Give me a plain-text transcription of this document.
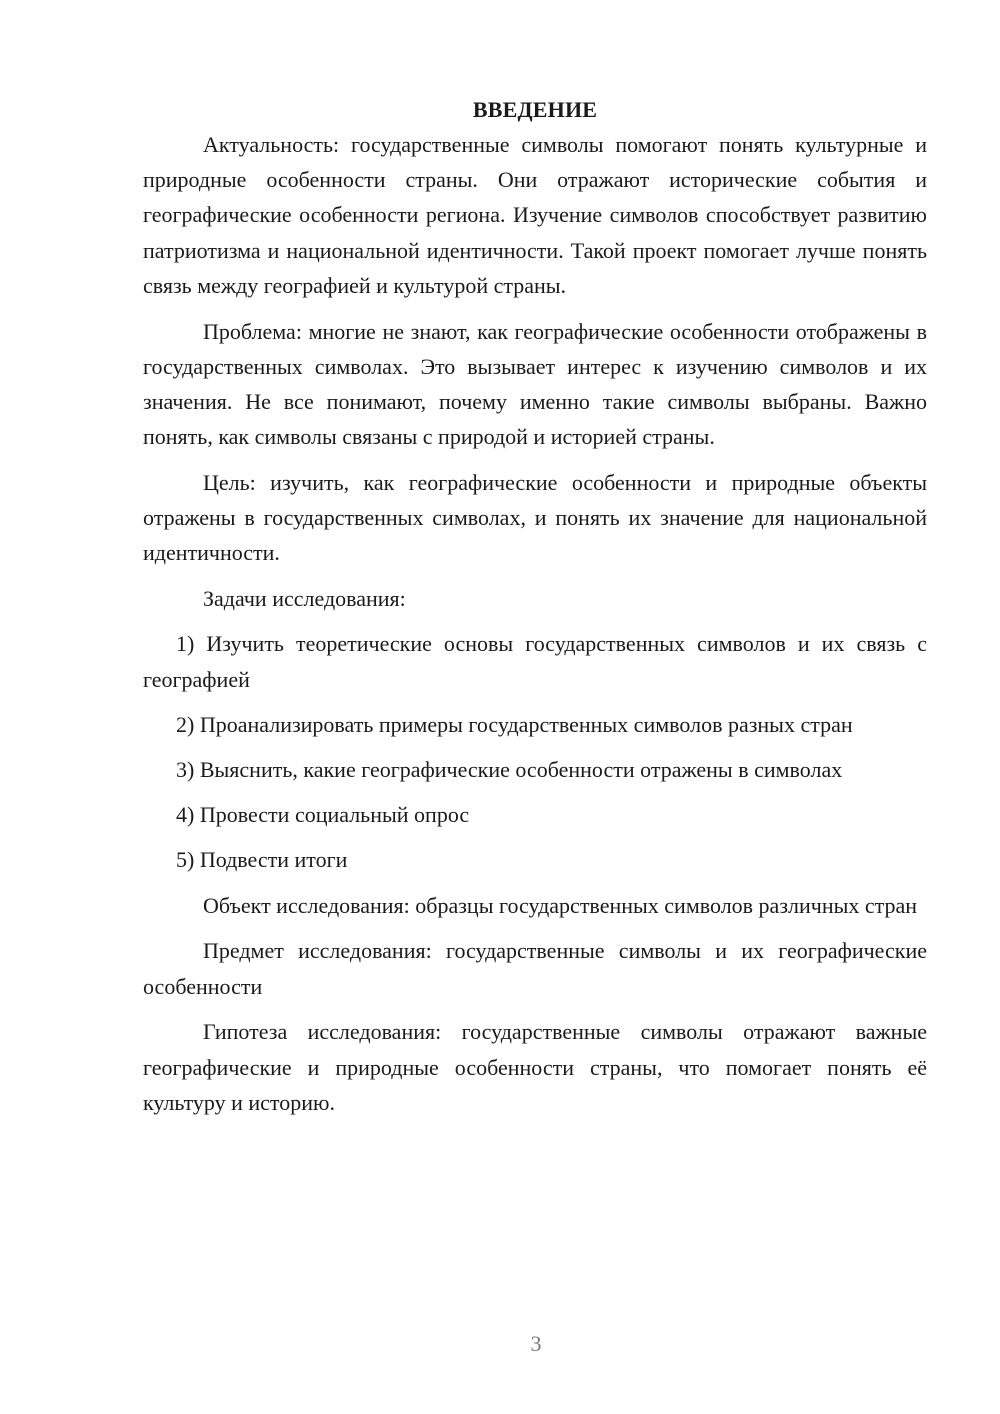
ВВЕДЕНИЕ

Актуальность: государственные символы помогают понять культурные и природные особенности страны. Они отражают исторические события и географические особенности региона. Изучение символов способствует развитию патриотизма и национальной идентичности. Такой проект помогает лучше понять связь между географией и культурой страны.

Проблема: многие не знают, как географические особенности отображены в государственных символах. Это вызывает интерес к изучению символов и их значения. Не все понимают, почему именно такие символы выбраны. Важно понять, как символы связаны с природой и историей страны.

Цель: изучить, как географические особенности и природные объекты отражены в государственных символах, и понять их значение для национальной идентичности.

Задачи исследования:

1) Изучить теоретические основы государственных символов и их связь с географией

2) Проанализировать примеры государственных символов разных стран

3) Выяснить, какие географические особенности отражены в символах

4) Провести социальный опрос

5) Подвести итоги

Объект исследования: образцы государственных символов различных стран

Предмет исследования: государственные символы и их географические особенности

Гипотеза исследования: государственные символы отражают важные географические и природные особенности страны, что помогает понять её культуру и историю.

3
